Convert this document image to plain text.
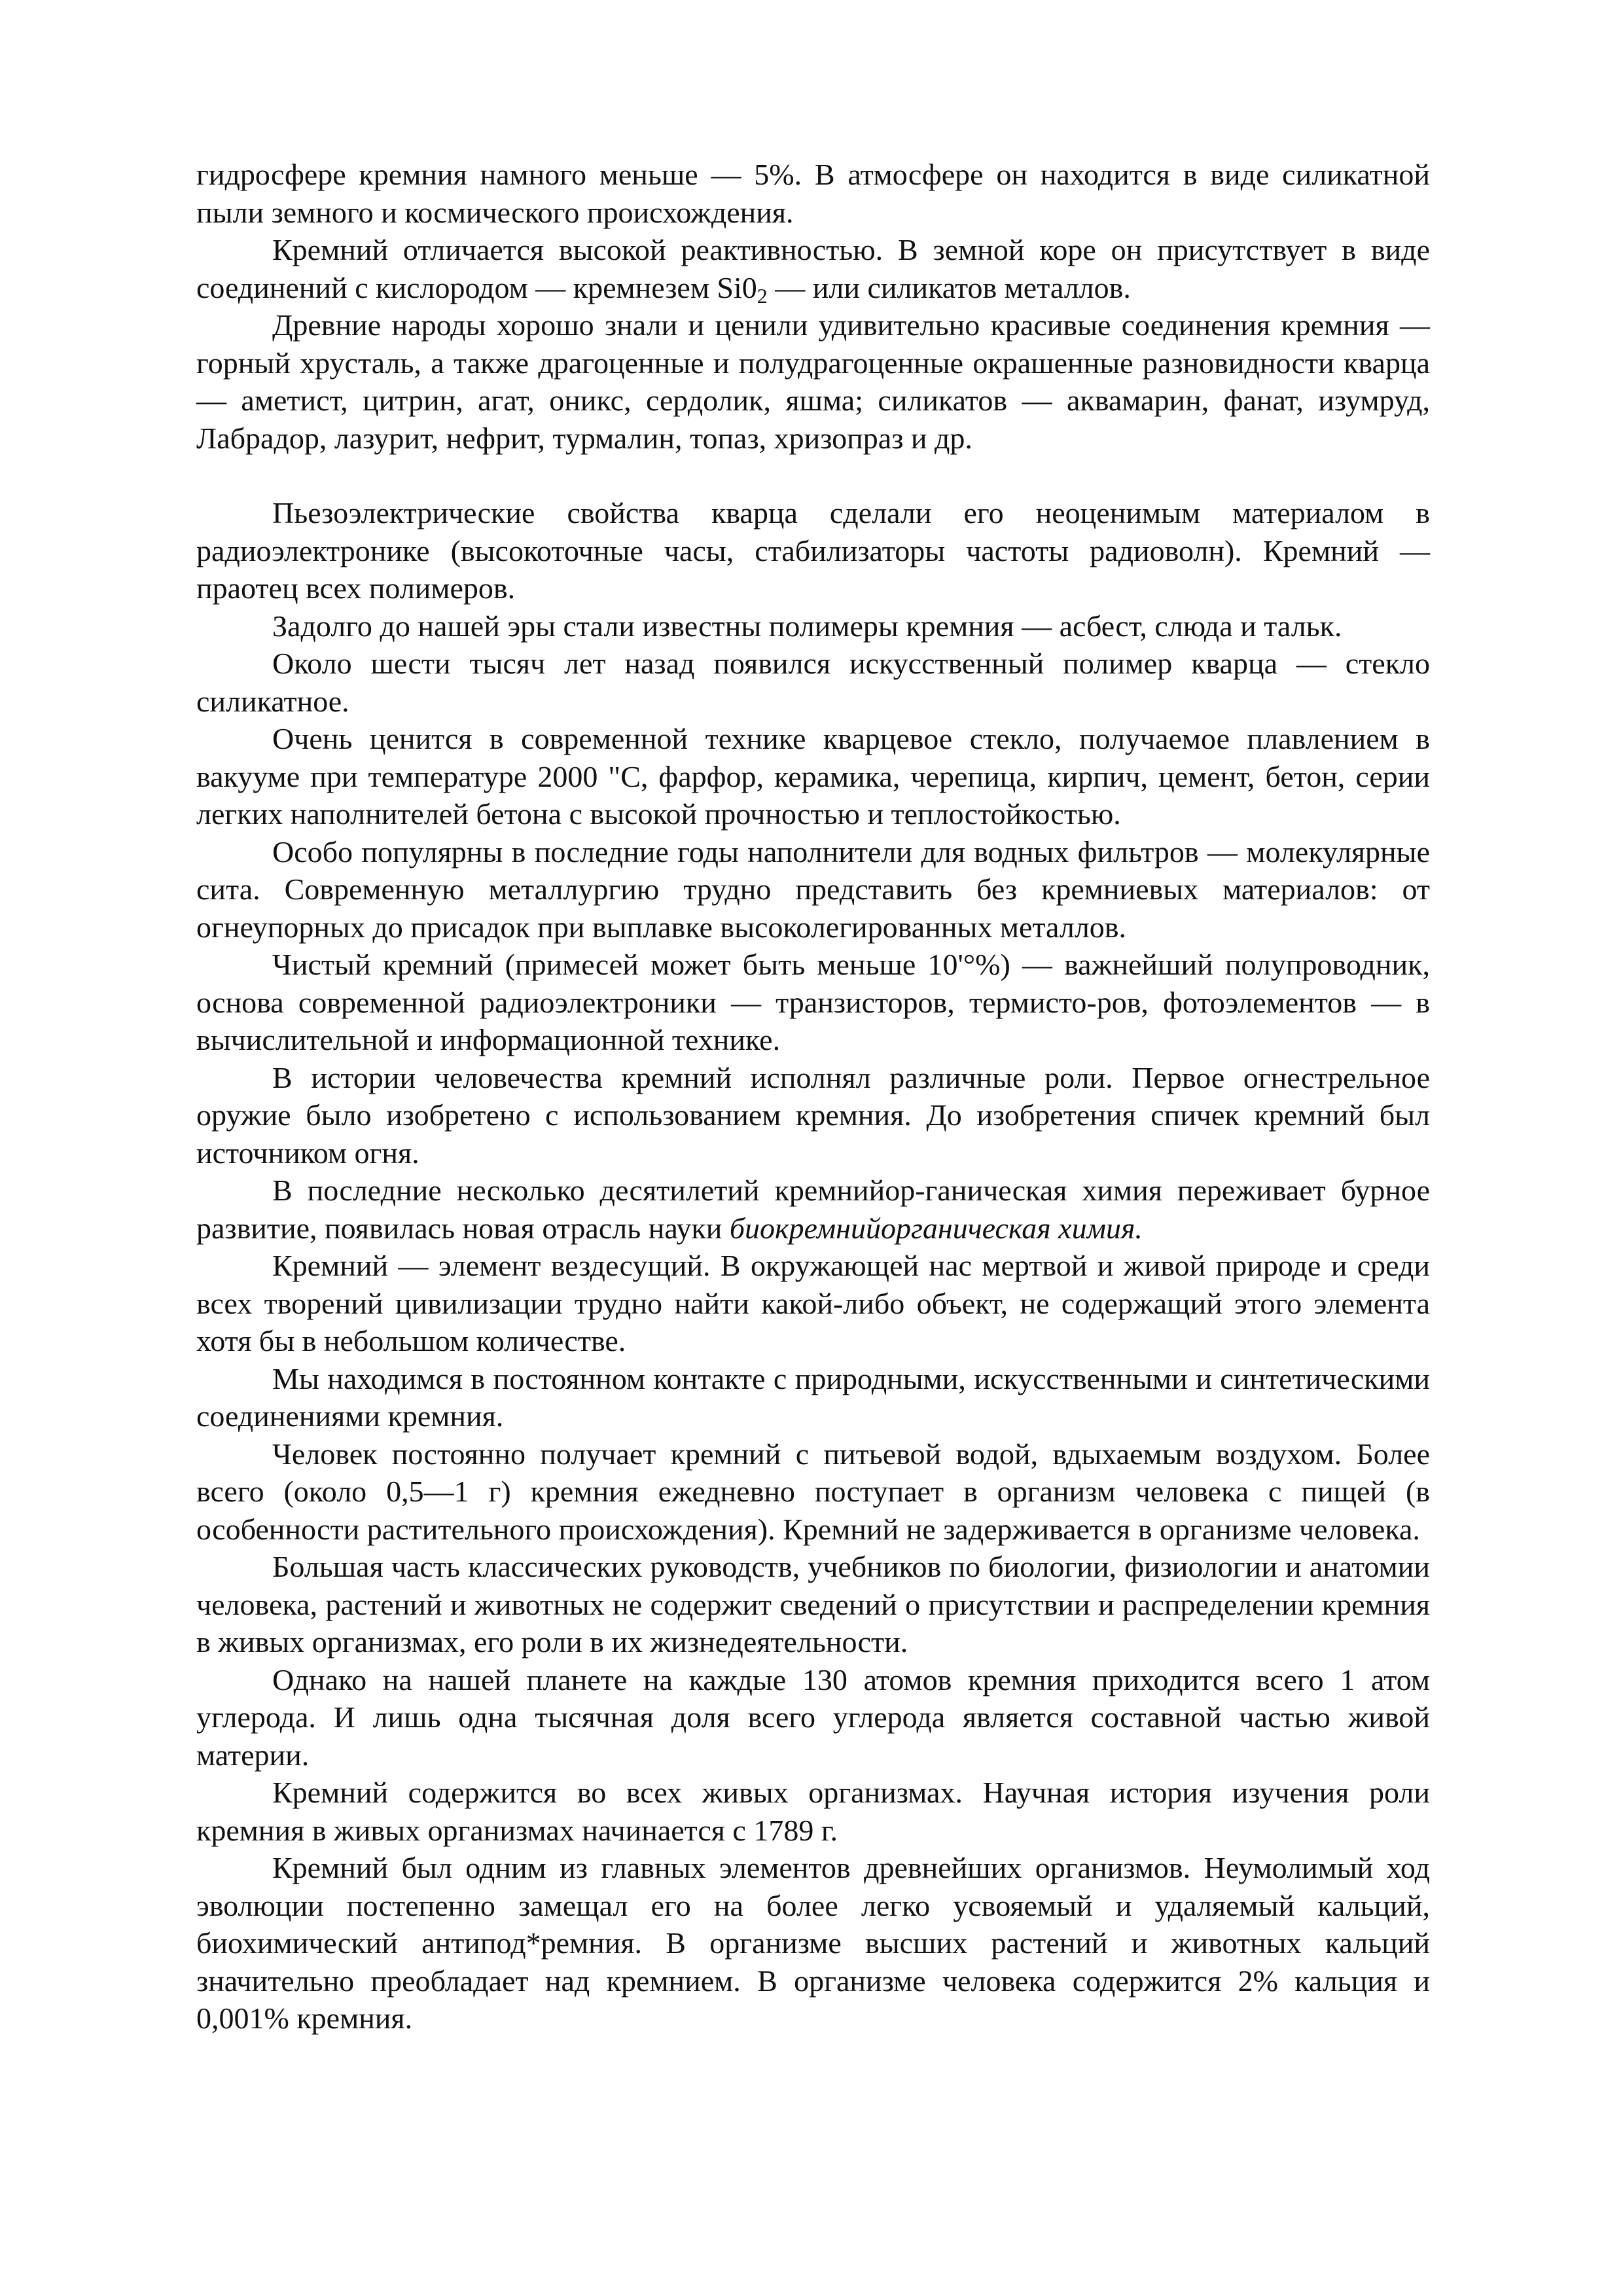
гидросфере кремния намного меньше — 5%. В атмосфере он находится в виде силикатной пыли земного и космического происхождения.

Кремний отличается высокой реактивностью. В земной коре он присутствует в виде соединений с кислородом — кремнезем $Si0_2$ — или силикатов металлов.

Древние народы хорошо знали и ценили удивительно красивые соединения кремния — горный хрусталь, а также драгоценные и полудрагоценные окрашенные разновидности кварца — аметист, цитрин, агат, оникс, сердолик, яшма; силикатов — аквамарин, фанат, изумруд, Лабрадор, лазурит, нефрит, турмалин, топаз, хризопраз и др.

Пьезоэлектрические свойства кварца сделали его неоценимым материалом в радиоэлектронике (высокоточные часы, стабилизаторы частоты радиоволн). Кремний — праотец всех полимеров.

Задолго до нашей эры стали известны полимеры кремния — асбест, слюда и тальк.

Около шести тысяч лет назад появился искусственный полимер кварца — стекло силикатное.

Очень ценится в современной технике кварцевое стекло, получаемое плавлением в вакууме при температуре 2000 "С, фарфор, керамика, черепица, кирпич, цемент, бетон, серии легких наполнителей бетона с высокой прочностью и теплостойкостью.

Особо популярны в последние годы наполнители для водных фильтров — молекулярные сита. Современную металлургию трудно представить без кремниевых материалов: от огнеупорных до присадок при выплавке высоколегированных металлов.

Чистый кремний (примесей может быть меньше 10'°%) — важнейший полупроводник, основа современной радиоэлектроники — транзисторов, термисто-ров, фотоэлементов — в вычислительной и информационной технике.

В истории человечества кремний исполнял различные роли. Первое огнестрельное оружие было изобретено с использованием кремния. До изобретения спичек кремний был источником огня.

В последние несколько десятилетий кремнийор-ганическая химия переживает бурное развитие, появилась новая отрасль науки биокремнийорганическая химия.

Кремний — элемент вездесущий. В окружающей нас мертвой и живой природе и среди всех творений цивилизации трудно найти какой-либо объект, не содержащий этого элемента хотя бы в небольшом количестве.

Мы находимся в постоянном контакте с природными, искусственными и синтетическими соединениями кремния.

Человек постоянно получает кремний с питьевой водой, вдыхаемым воздухом. Более всего (около 0,5—1 г) кремния ежедневно поступает в организм человека с пищей (в особенности растительного происхождения). Кремний не задерживается в организме человека.

Большая часть классических руководств, учебников по биологии, физиологии и анатомии человека, растений и животных не содержит сведений о присутствии и распределении кремния в живых организмах, его роли в их жизнедеятельности.

Однако на нашей планете на каждые 130 атомов кремния приходится всего 1 атом углерода. И лишь одна тысячная доля всего углерода является составной частью живой материи.

Кремний содержится во всех живых организмах. Научная история изучения роли кремния в живых организмах начинается с 1789 г.

Кремний был одним из главных элементов древнейших организмов. Неумолимый ход эволюции постепенно замещал его на более легко усвояемый и удаляемый кальций, биохимический антипод*ремния. В организме высших растений и животных кальций значительно преобладает над кремнием. В организме человека содержится 2% кальция и 0,001% кремния.
